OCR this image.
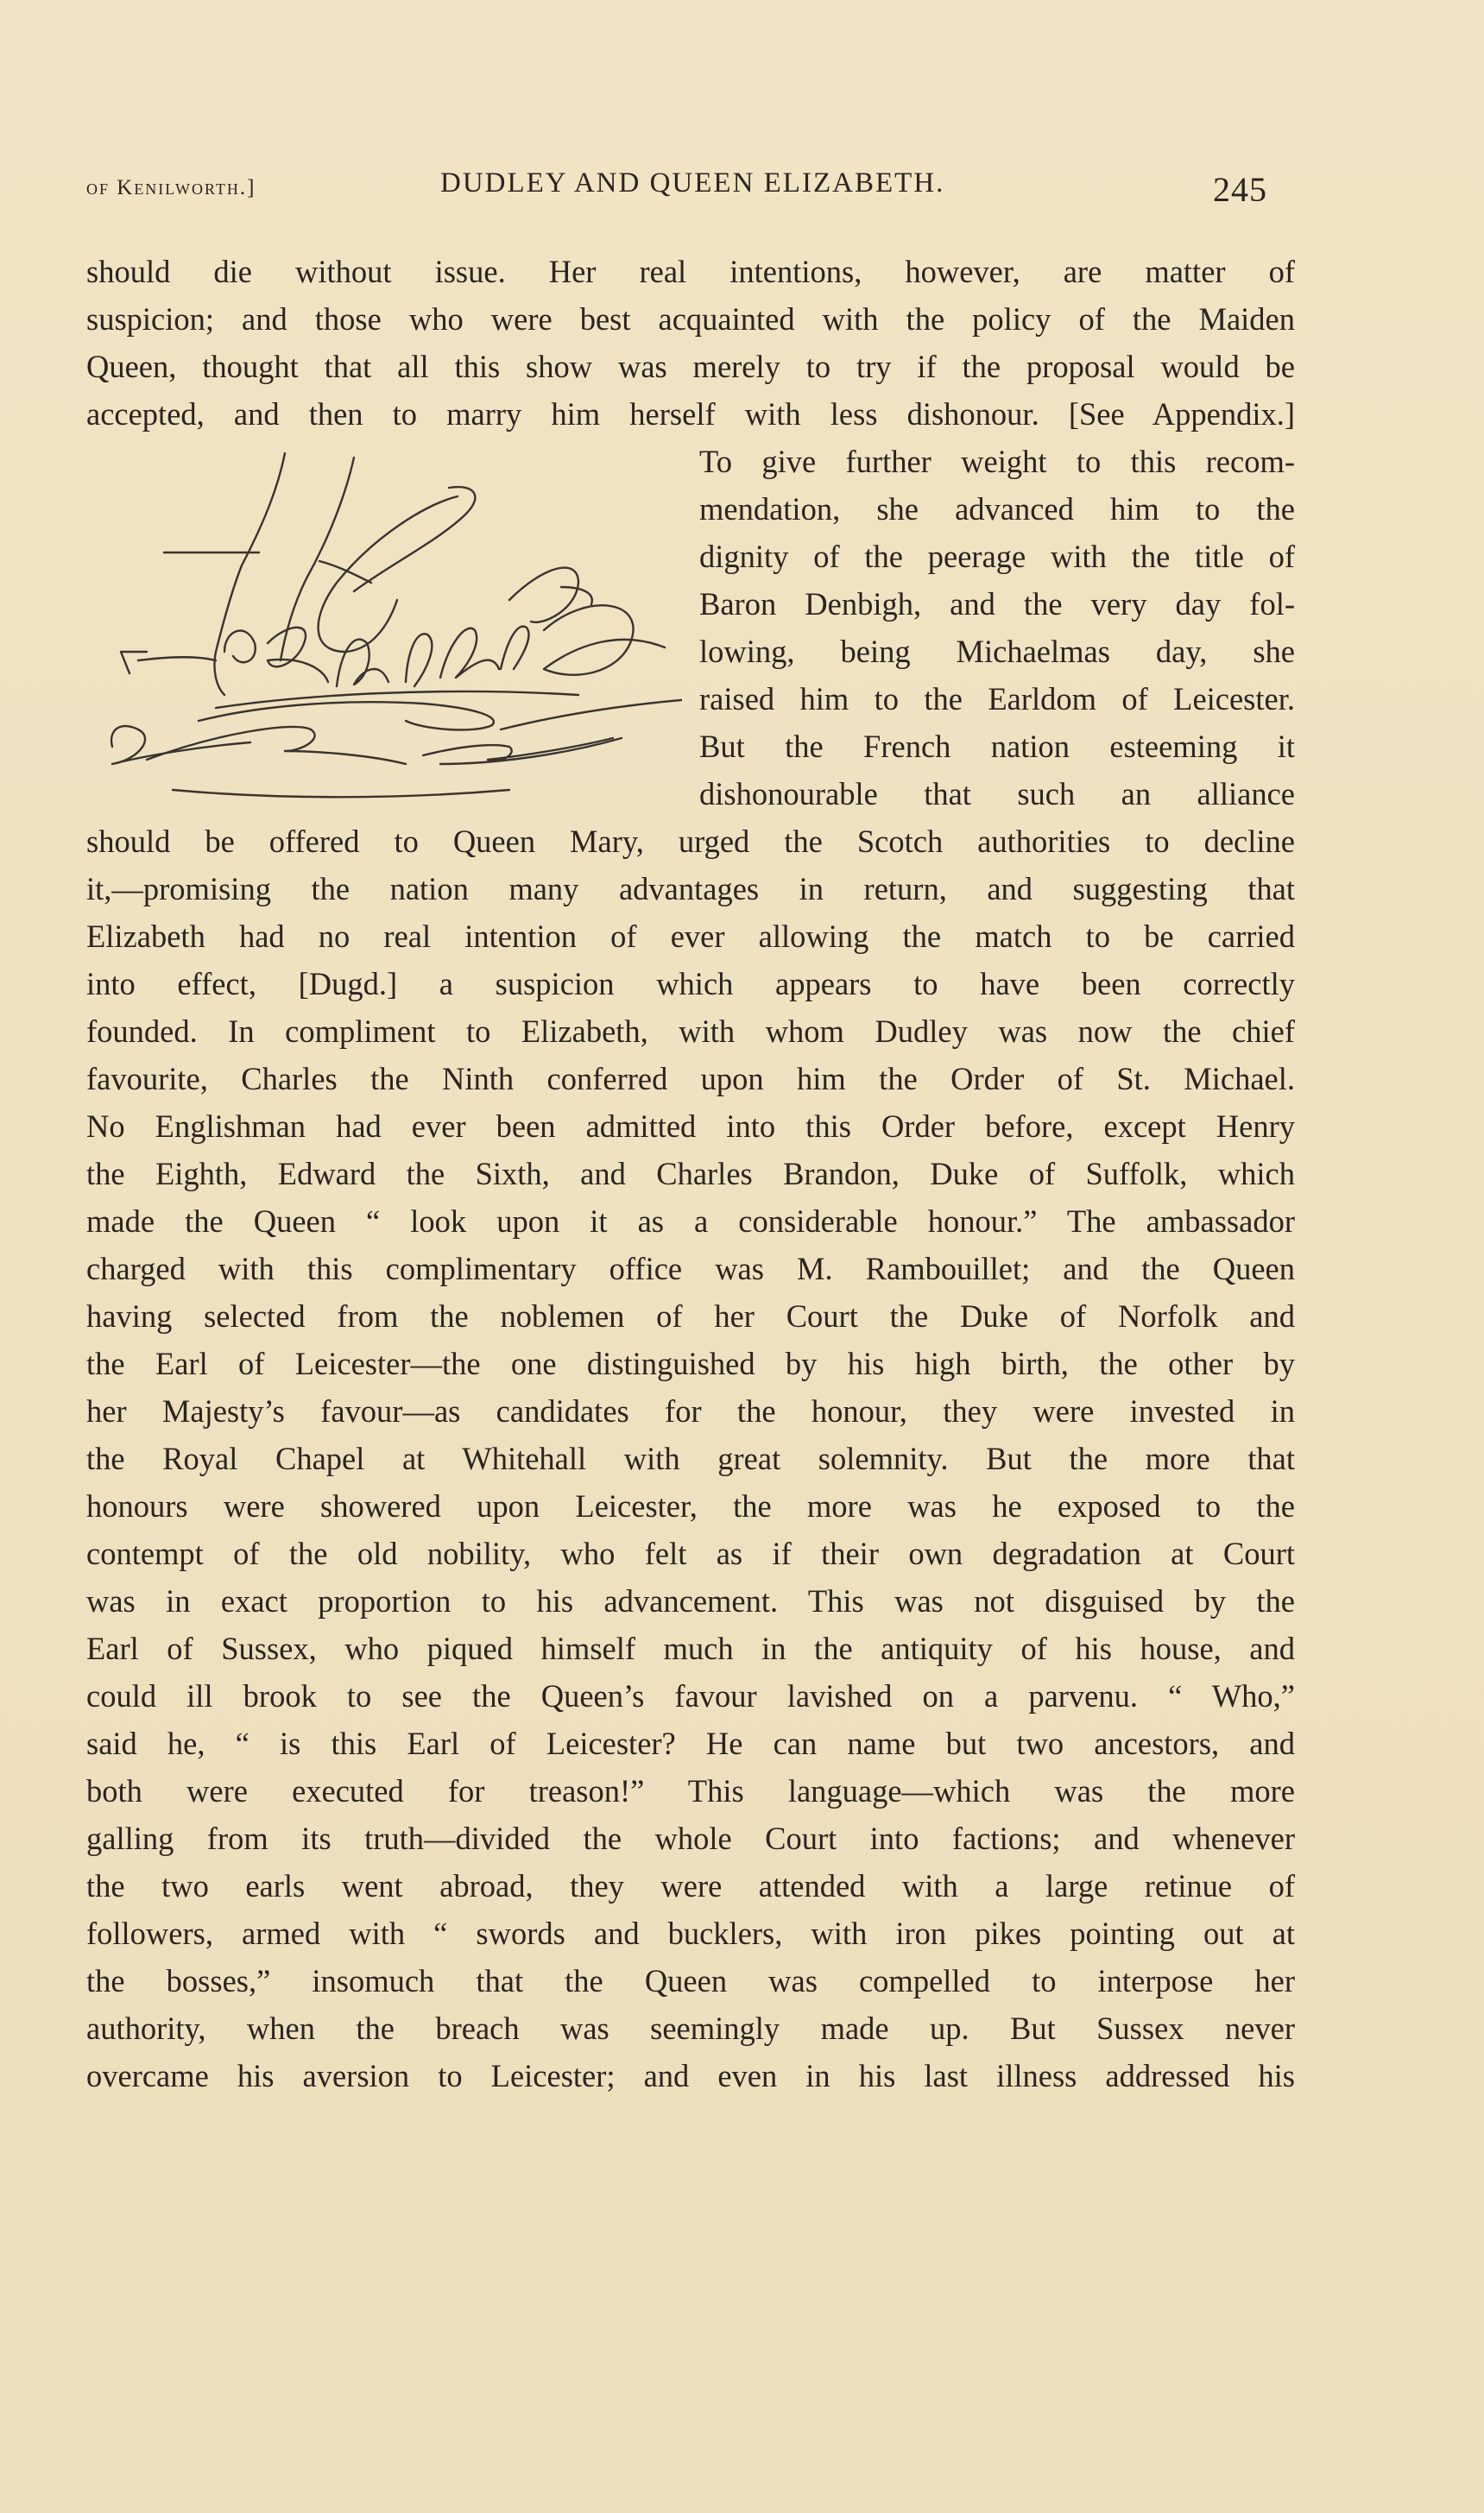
of Kenilworth.]	DUDLEY AND QUEEN ELIZABETH.	245
should die without issue. Her real intentions, however, are matter of
suspicion; and those who were best acquainted with the policy of the Maiden
Queen, thought that all this show was merely to try if the proposal would be
accepted, and then to marry him herself with less dishonour. [See Appendix.]
To give further weight to this recom-
mendation, she advanced him to the
dignity of the peerage with the title of
Baron Denbigh, and the very day fol-
lowing, being Michaelmas day, she
raised him to the Earldom of Leicester.
But the French nation esteeming it
dishonourable that such an alliance
should be offered to Queen Mary, urged the Scotch authorities to decline
it,—promising the nation many advantages in return, and suggesting that
Elizabeth had no real intention of ever allowing the match to be carried
into effect, [Dugd.] a suspicion which appears to have been correctly
founded. In compliment to Elizabeth, with whom Dudley was now the chief
favourite, Charles the Ninth conferred upon him the Order of St. Michael.
No Englishman had ever been admitted into this Order before, except Henry
the Eighth, Edward the Sixth, and Charles Brandon, Duke of Suffolk, which
made the Queen “ look upon it as a considerable honour.” The ambassador
charged with this complimentary office was M. Rambouillet; and the Queen
having selected from the noblemen of her Court the Duke of Norfolk and
the Earl of Leicester—the one distinguished by his high birth, the other by
her Majesty’s favour—as candidates for the honour, they were invested in
the Royal Chapel at Whitehall with great solemnity. But the more that
honours were showered upon Leicester, the more was he exposed to the
contempt of the old nobility, who felt as if their own degradation at Court
was in exact proportion to his advancement. This was not disguised by the
Earl of Sussex, who piqued himself much in the antiquity of his house, and
could ill brook to see the Queen’s favour lavished on a parvenu. “ Who,”
said he, “ is this Earl of Leicester? He can name but two ancestors, and
both were executed for treason!” This language—which was the more
galling from its truth—divided the whole Court into factions; and whenever
the two earls went abroad, they were attended with a large retinue of
followers, armed with “ swords and bucklers, with iron pikes pointing out at
the bosses,” insomuch that the Queen was compelled to interpose her
authority, when the breach was seemingly made up. But Sussex never
overcame his aversion to Leicester; and even in his last illness addressed his
